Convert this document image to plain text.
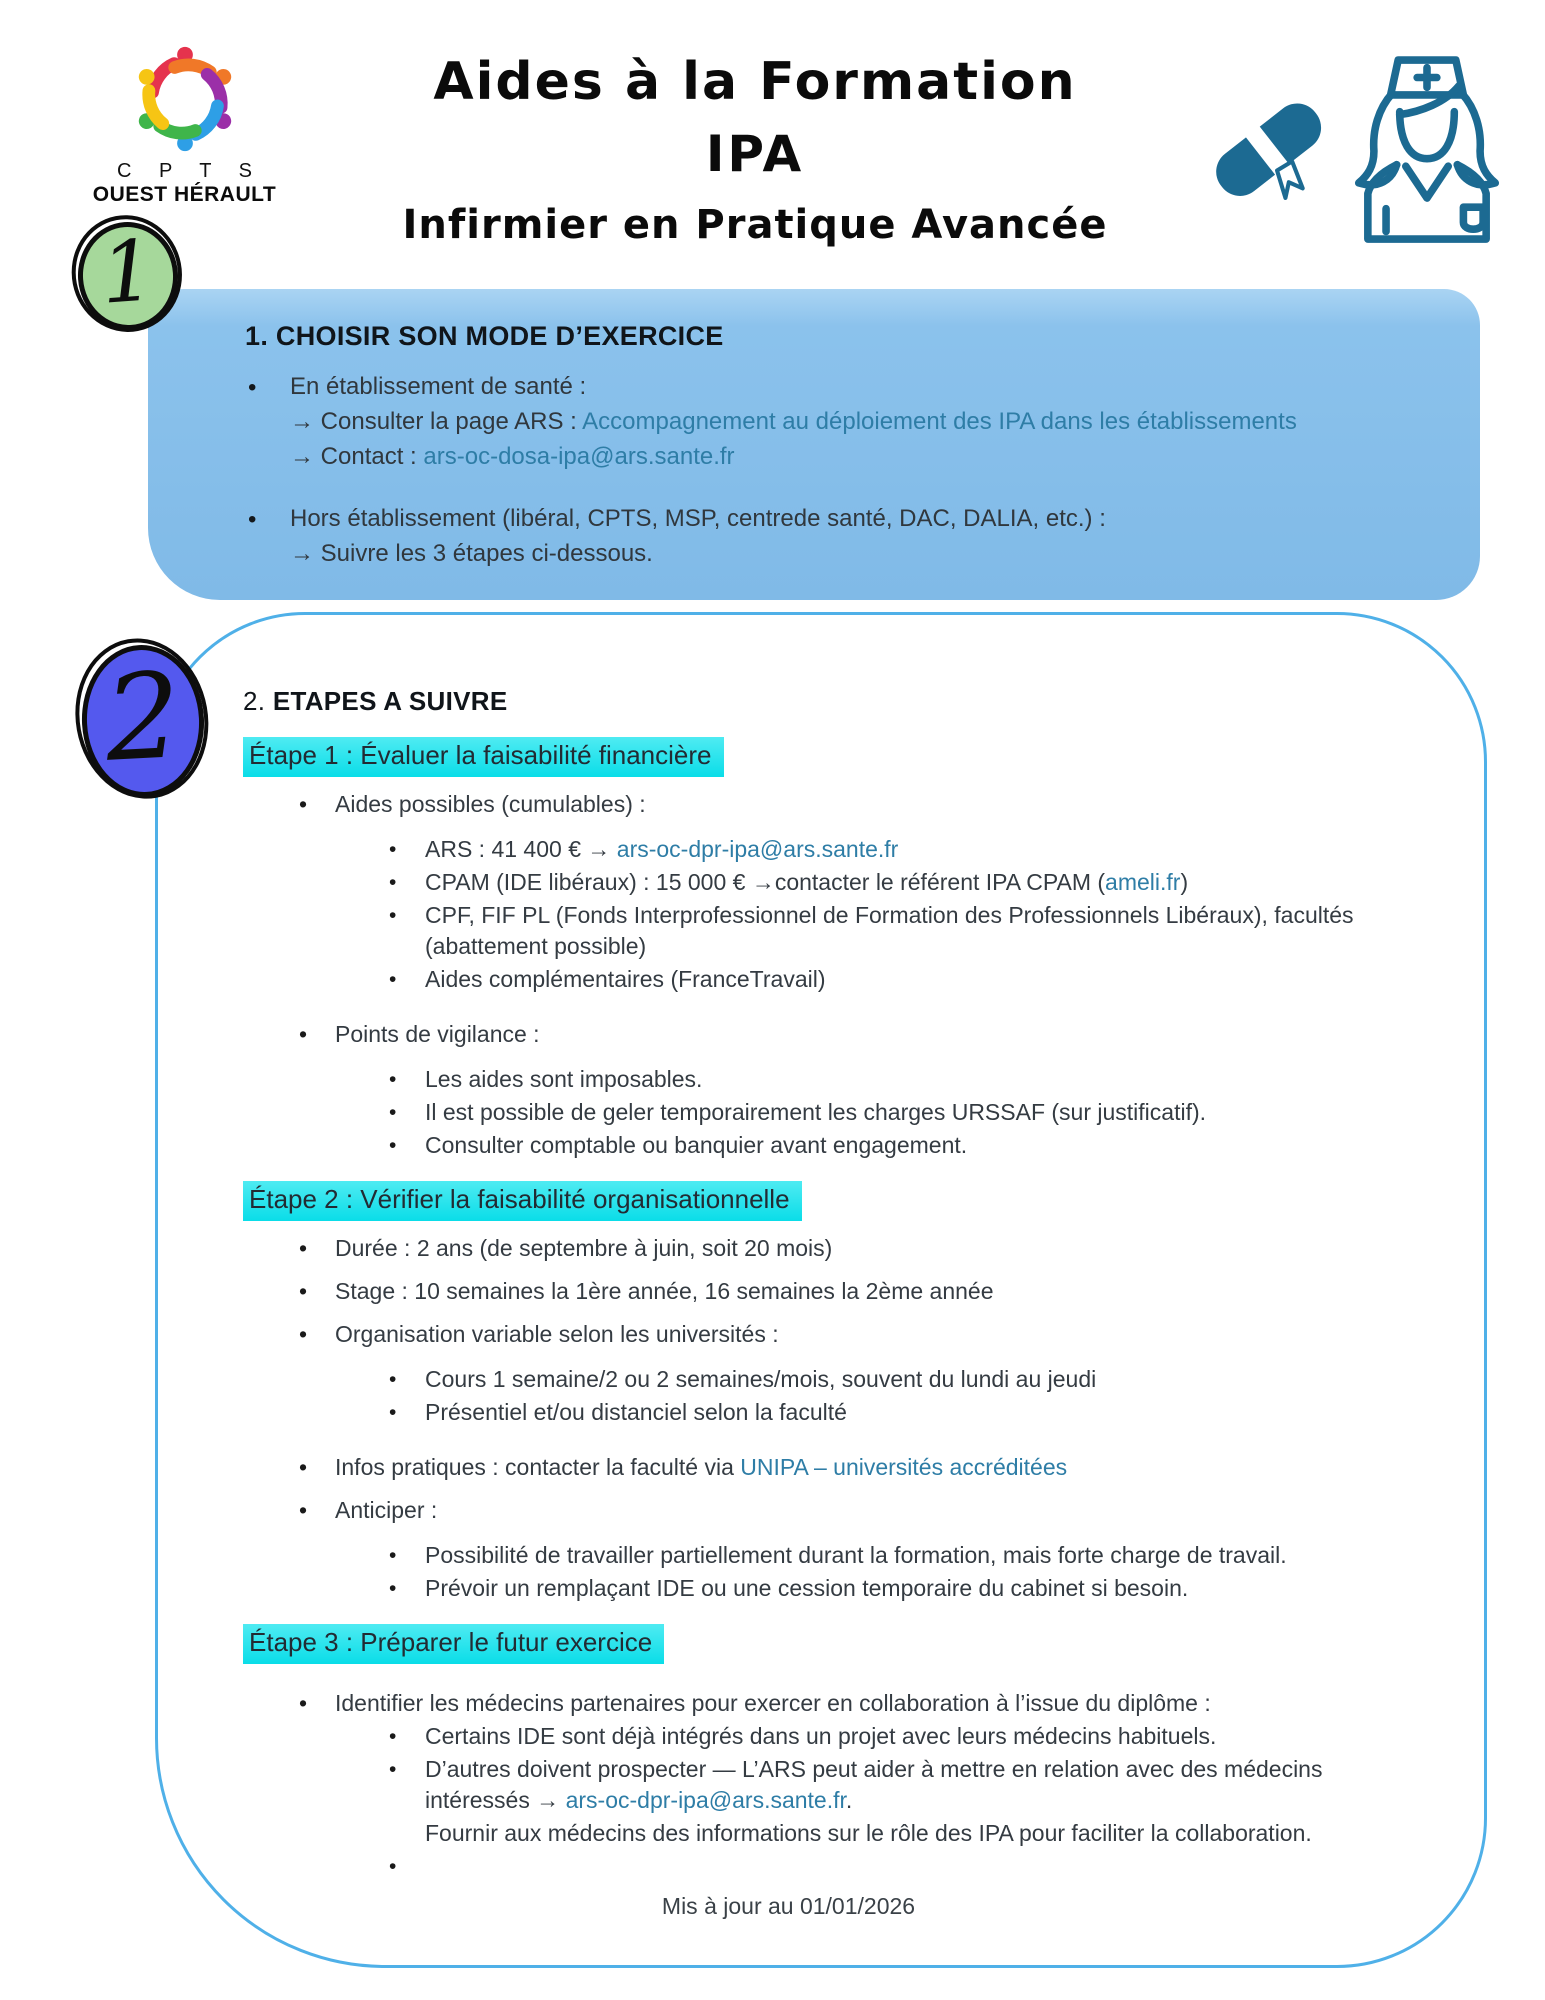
C P T S
OUEST HÉRAULT
Aides à la Formation
IPA
Infirmier en Pratique Avancée
1
1. CHOISIR SON MODE D’EXERCICE
• En établissement de santé :
→ Consulter la page ARS : Accompagnement au déploiement des IPA dans les établissements
→ Contact : ars-oc-dosa-ipa@ars.sante.fr
• Hors établissement (libéral, CPTS, MSP, centrede santé, DAC, DALIA, etc.) :
→ Suivre les 3 étapes ci-dessous.
2 2. ETAPES A SUIVRE
Étape 1 : Évaluer la faisabilité financière
• Aides possibles (cumulables) :
• ARS : 41 400 € → ars-oc-dpr-ipa@ars.sante.fr
• CPAM (IDE libéraux) : 15 000 € →contacter le référent IPA CPAM (ameli.fr)
• CPF, FIF PL (Fonds Interprofessionnel de Formation des Professionnels Libéraux), facultés
(abattement possible)
• Aides complémentaires (FranceTravail)
• Points de vigilance :
• Les aides sont imposables.
• Il est possible de geler temporairement les charges URSSAF (sur justificatif).
• Consulter comptable ou banquier avant engagement.
Étape 2 : Vérifier la faisabilité organisationnelle
• Durée : 2 ans (de septembre à juin, soit 20 mois)
• Stage : 10 semaines la 1ère année, 16 semaines la 2ème année
• Organisation variable selon les universités :
• Cours 1 semaine/2 ou 2 semaines/mois, souvent du lundi au jeudi
• Présentiel et/ou distanciel selon la faculté
• Infos pratiques : contacter la faculté via UNIPA – universités accréditées
• Anticiper :
• Possibilité de travailler partiellement durant la formation, mais forte charge de travail.
• Prévoir un remplaçant IDE ou une cession temporaire du cabinet si besoin.
Étape 3 : Préparer le futur exercice
• Identifier les médecins partenaires pour exercer en collaboration à l’issue du diplôme :
• Certains IDE sont déjà intégrés dans un projet avec leurs médecins habituels.
• D’autres doivent prospecter — L’ARS peut aider à mettre en relation avec des médecins
intéressés → ars-oc-dpr-ipa@ars.sante.fr.
Fournir aux médecins des informations sur le rôle des IPA pour faciliter la collaboration.
Mis à jour au 01/01/2026
